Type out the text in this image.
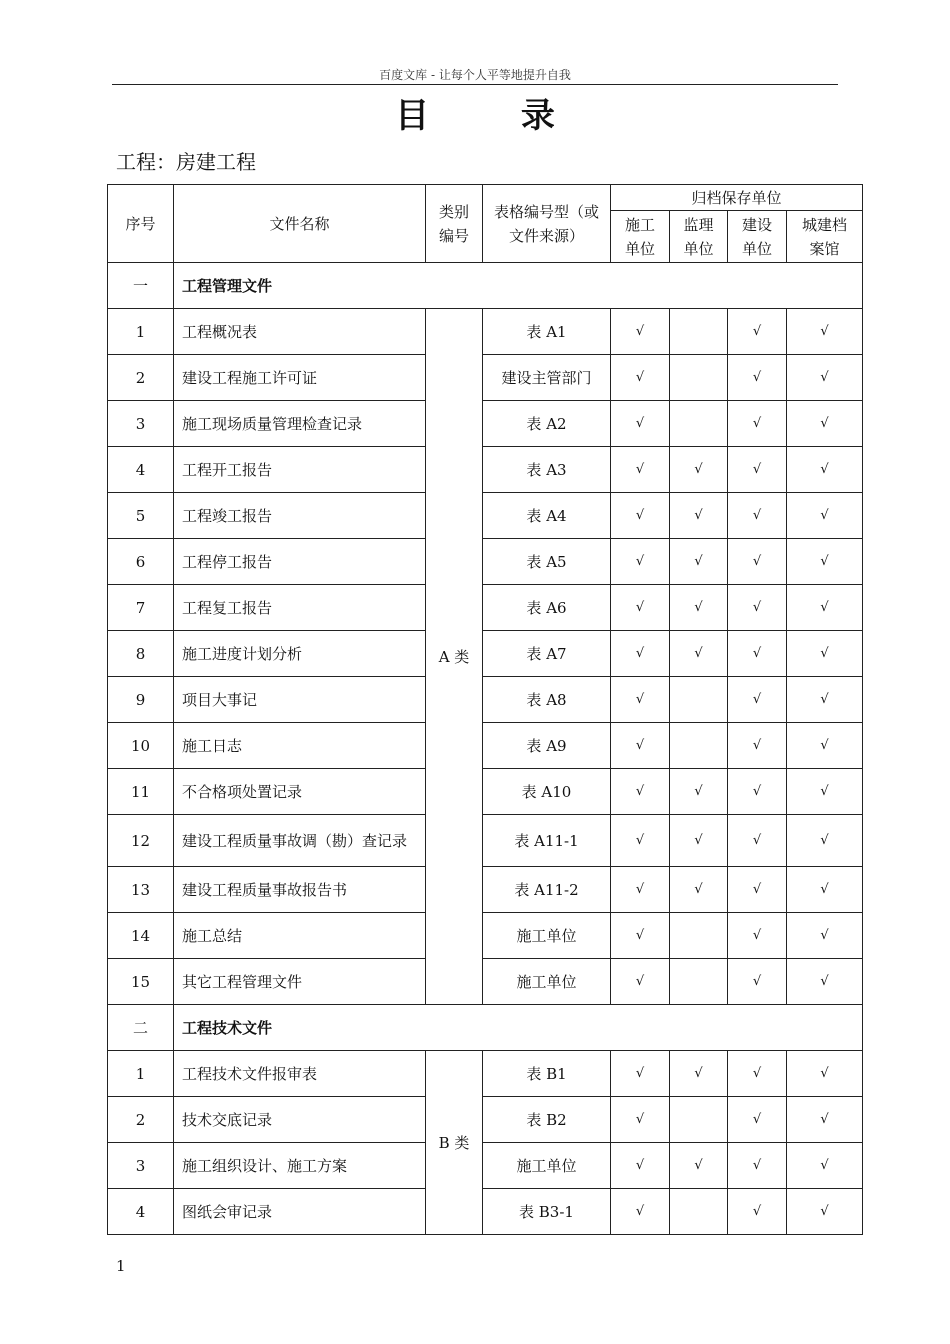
百度文库 - 让每个人平等地提升自我
目 录
工程：房建工程
序号	文件名称	类别编号	表格编号型（或文件来源）	归档保存单位			

				施工单位	监理单位	建设单位	城建档案馆

一	工程管理文件						
1	工程概况表	A 类	表 A1	√		√	√
2	建设工程施工许可证		建设主管部门	√		√	√
3	施工现场质量管理检查记录		表 A2	√		√	√
4	工程开工报告		表 A3	√	√	√	√
5	工程竣工报告		表 A4	√	√	√	√
6	工程停工报告		表 A5	√	√	√	√
7	工程复工报告		表 A6	√	√	√	√
8	施工进度计划分析		表 A7	√	√	√	√
9	项目大事记		表 A8	√		√	√
10	施工日志		表 A9	√		√	√
11	不合格项处置记录		表 A10	√	√	√	√
12	建设工程质量事故调（勘）查记录		表 A11-1	√	√	√	√
13	建设工程质量事故报告书		表 A11-2	√	√	√	√
14	施工总结		施工单位	√		√	√
15	其它工程管理文件		施工单位	√		√	√
二	工程技术文件						
1	工程技术文件报审表	B 类	表 B1	√	√	√	√
2	技术交底记录		表 B2	√		√	√
3	施工组织设计、施工方案		施工单位	√	√	√	√
4	图纸会审记录		表 B3-1	√		√	√
1
